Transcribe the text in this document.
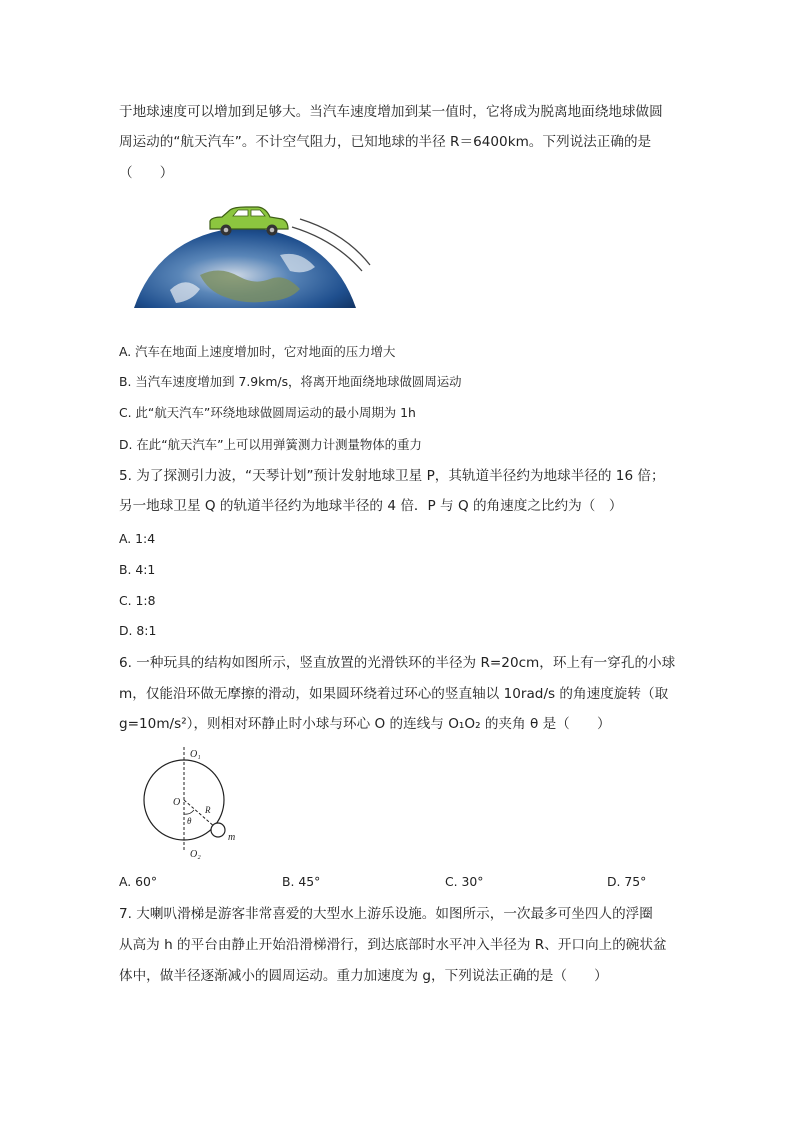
于地球速度可以增加到足够大。当汽车速度增加到某一值时，它将成为脱离地面绕地球做圆
周运动的“航天汽车”。不计空气阻力，已知地球的半径 R＝6400km。下列说法正确的是
（　　）
A. 汽车在地面上速度增加时，它对地面的压力增大
B. 当汽车速度增加到 7.9km/s，将离开地面绕地球做圆周运动
C. 此“航天汽车”环绕地球做圆周运动的最小周期为 1h
D. 在此“航天汽车”上可以用弹簧测力计测量物体的重力
5. 为了探测引力波，“天琴计划”预计发射地球卫星 P，其轨道半径约为地球半径的 16 倍；
另一地球卫星 Q 的轨道半径约为地球半径的 4 倍．P 与 Q 的角速度之比约为（　）
A. 1:4
B. 4:1
C. 1:8
D. 8:1
6. 一种玩具的结构如图所示，竖直放置的光滑铁环的半径为 R=20cm，环上有一穿孔的小球
m，仅能沿环做无摩擦的滑动，如果圆环绕着过环心的竖直轴以 10rad/s 的角速度旋转（取
g=10m/s²），则相对环静止时小球与环心 O 的连线与 O₁O₂ 的夹角 θ 是（　　）
O₁
O
R
θ
m
O₂
A. 60°	B. 45°	C. 30°	D. 75°
7. 大喇叭滑梯是游客非常喜爱的大型水上游乐设施。如图所示，一次最多可坐四人的浮圈
从高为 h 的平台由静止开始沿滑梯滑行，到达底部时水平冲入半径为 R、开口向上的碗状盆
体中，做半径逐渐减小的圆周运动。重力加速度为 g，下列说法正确的是（　　）
